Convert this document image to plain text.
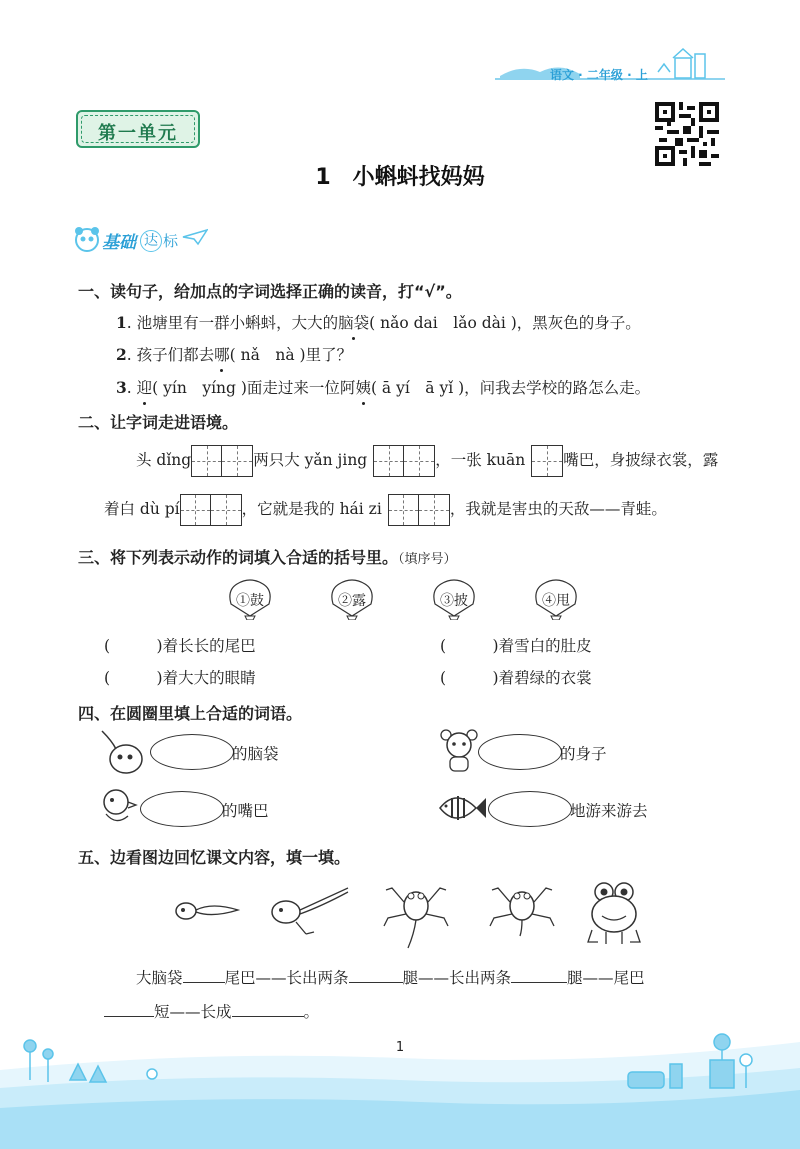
语文 · 二年级 · 上
第一单元
1　小蝌蚪找妈妈
基础 达 标
一、读句子，给加点的字词选择正确的读音，打“√”。
1. 池塘里有一群小蝌蚪，大大的脑袋( nǎo dai　lǎo dài )，黑灰色的身子。
2. 孩子们都去哪( nǎ　nà )里了？
3. 迎( yín　yíng )面走过来一位阿姨( ā yí　ā yǐ )，问我去学校的路怎么走。
二、让字词走进语境。
头 dǐng	两只大 yǎn jing	，一张 kuān 嘴巴，身披绿衣裳，露
着白 dù pí	，它就是我的 hái zi	，我就是害虫的天敌——青蛙。
三、将下列表示动作的词填入合适的括号里。（填序号）
①鼓	②露	③披	④甩
(　　　)着长长的尾巴	(　　　)着雪白的肚皮
(　　　)着大大的眼睛	(　　　)着碧绿的衣裳
四、在圆圈里填上合适的词语。
的脑袋	的身子
的嘴巴	地游来游去
五、边看图边回忆课文内容，填一填。
大脑袋	尾巴——长出两条	腿——长出两条	腿——尾巴
短——长成	。
1
